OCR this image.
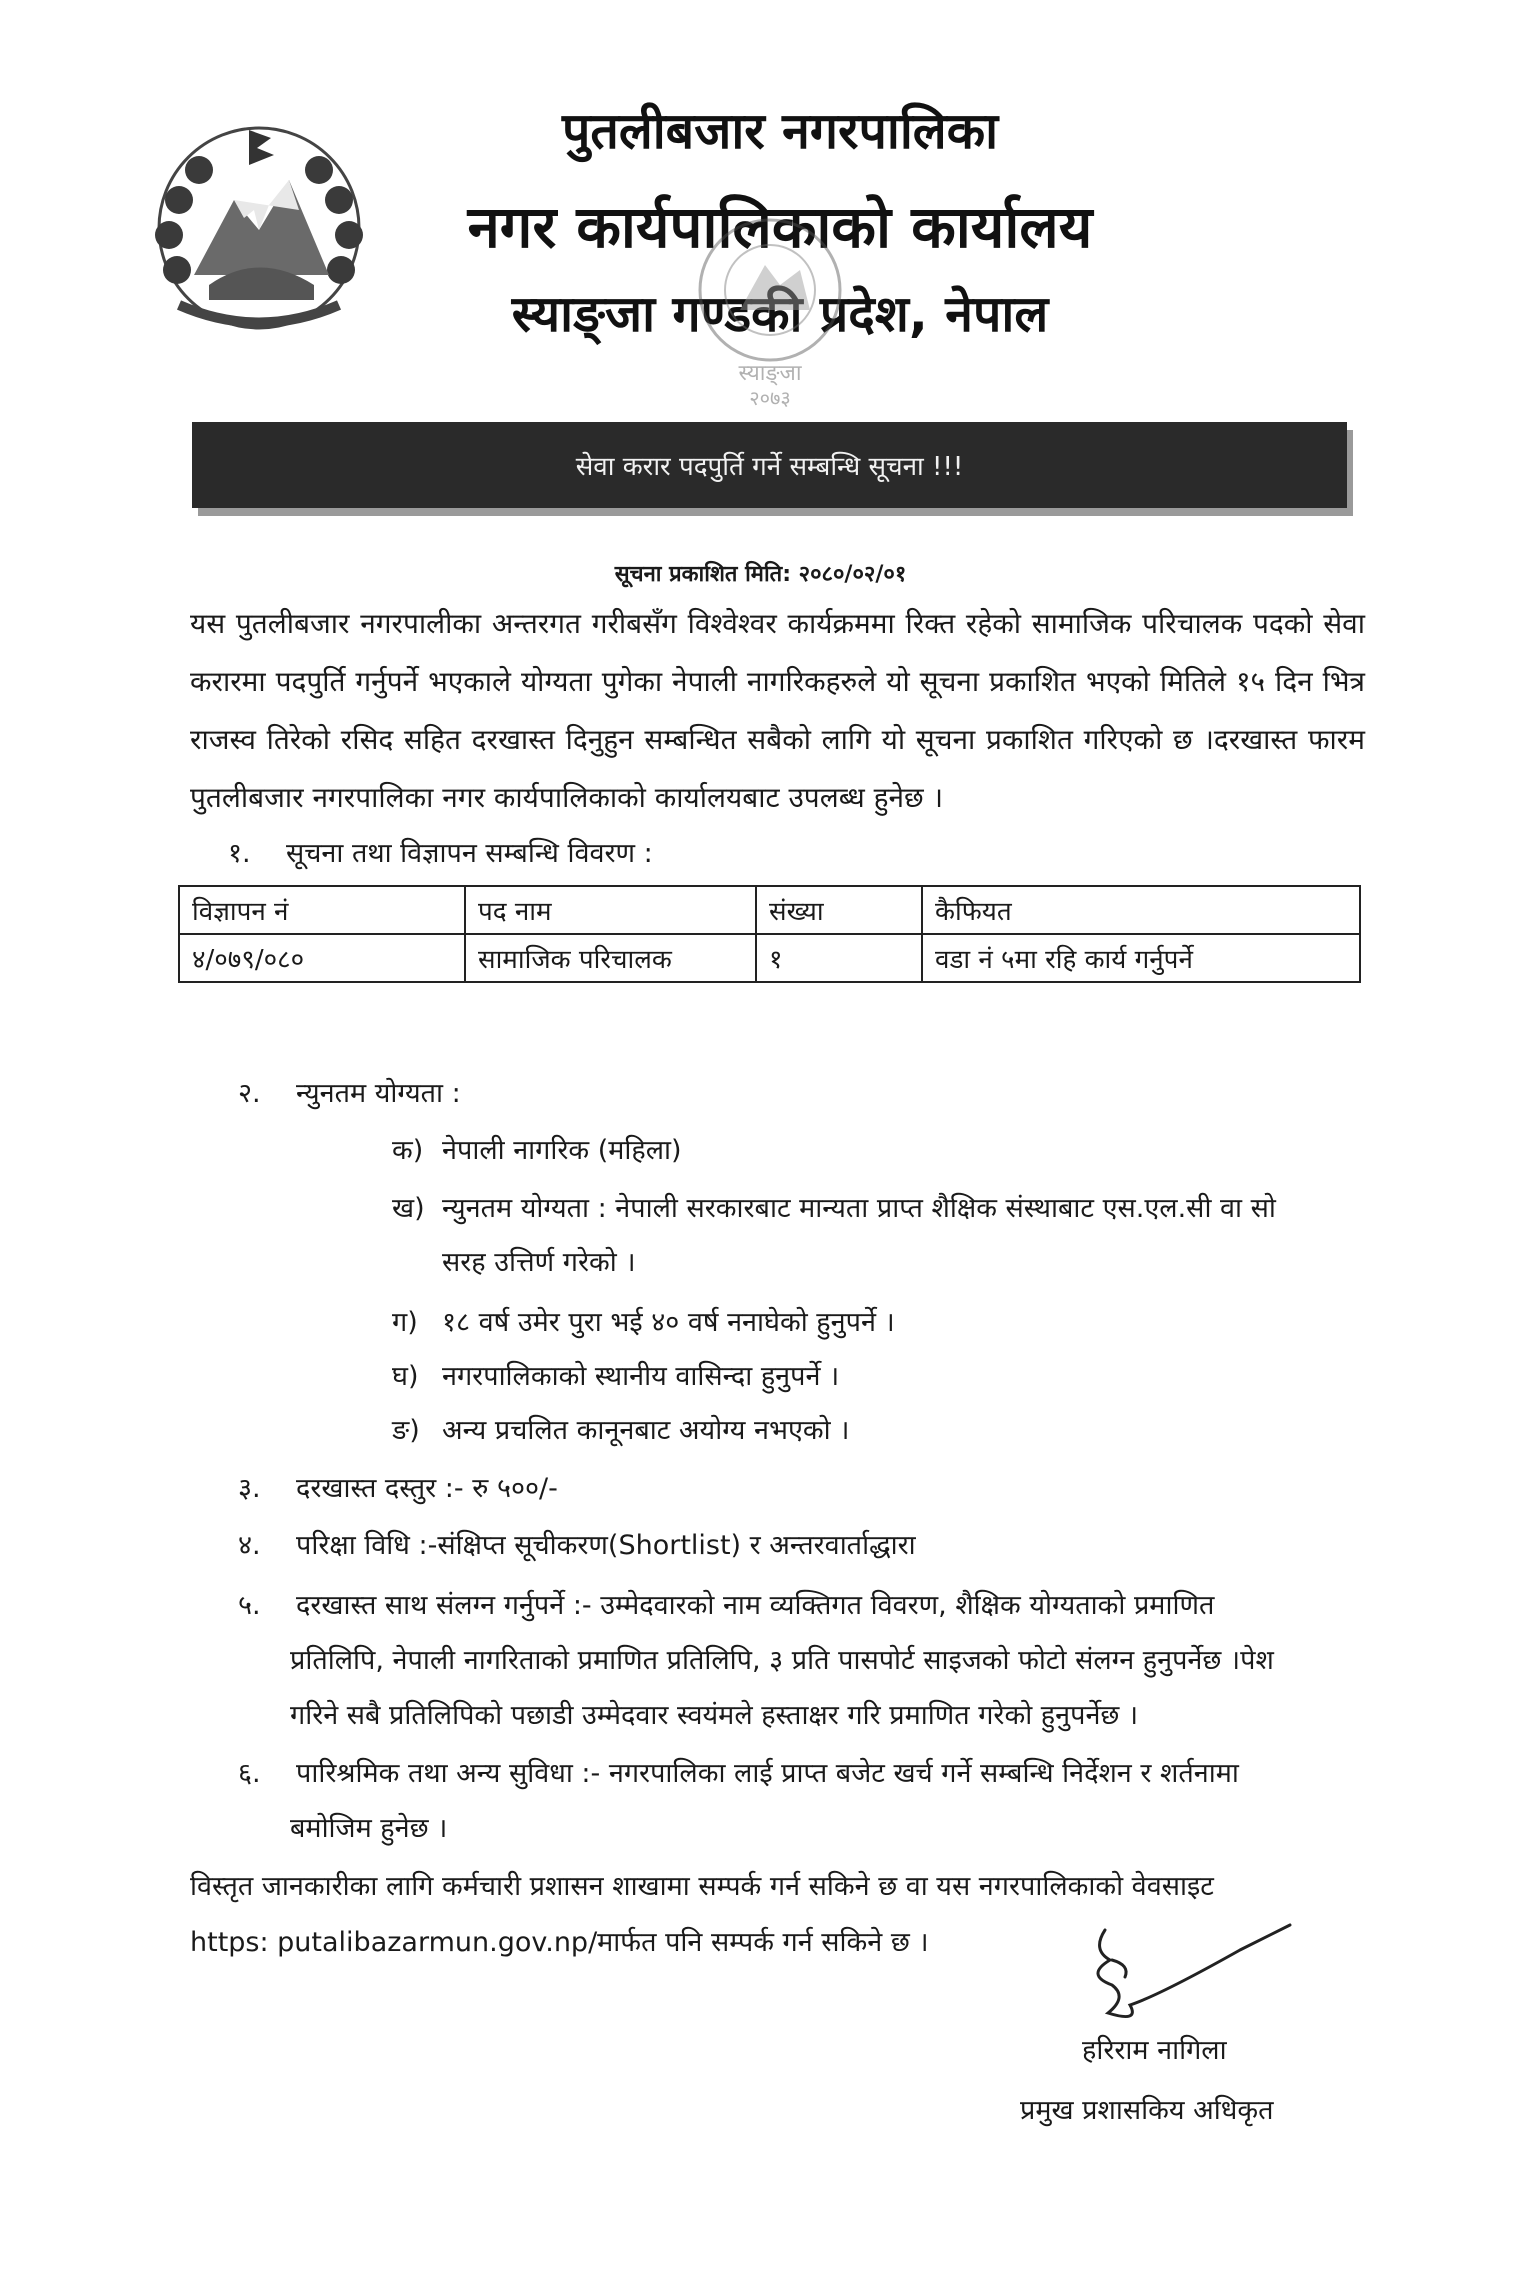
पुतलीबजार नगरपालिका
नगर कार्यपालिकाको कार्यालय
स्याङ्जा गण्डकी प्रदेश, नेपाल
स्याङ्जा
२०७३
सेवा करार पदपुर्ति गर्ने सम्बन्धि सूचना !!!
सूचना प्रकाशित मिति: २०८०/०२/०१
यस पुतलीबजार नगरपालीका अन्तरगत गरीबसँग विश्वेश्वर कार्यक्रममा रिक्त रहेको सामाजिक परिचालक पदको सेवा करारमा पदपुर्ति गर्नुपर्ने भएकाले योग्यता पुगेका नेपाली नागरिकहरुले यो सूचना प्रकाशित भएको मितिले १५ दिन भित्र राजस्व तिरेको रसिद सहित दरखास्त दिनुहुन सम्बन्धित सबैको लागि यो सूचना प्रकाशित गरिएको छ ।दरखास्त फारम पुतलीबजार नगरपालिका नगर कार्यपालिकाको कार्यालयबाट उपलब्ध हुनेछ ।
१. सूचना तथा विज्ञापन सम्बन्धि विवरण :
विज्ञापन नं	पद नाम	संख्या	कैफियत
४/०७९/०८०	सामाजिक परिचालक	१	वडा नं ५मा रहि कार्य गर्नुपर्ने
२. न्युनतम योग्यता :
क) नेपाली नागरिक (महिला)
ख) न्युनतम योग्यता : नेपाली सरकारबाट मान्यता प्राप्त शैक्षिक संस्थाबाट एस.एल.सी वा सो
सरह उत्तिर्ण गरेको ।
ग) १८ वर्ष उमेर पुरा भई ४० वर्ष ननाघेको हुनुपर्ने ।
घ) नगरपालिकाको स्थानीय वासिन्दा हुनुपर्ने ।
ङ) अन्य प्रचलित कानूनबाट अयोग्य नभएको ।
३. दरखास्त दस्तुर :- रु ५००/-
४. परिक्षा विधि :-संक्षिप्त सूचीकरण(Shortlist) र अन्तरवार्ताद्धारा
५. दरखास्त साथ संलग्न गर्नुपर्ने :- उम्मेदवारको नाम व्यक्तिगत विवरण, शैक्षिक योग्यताको प्रमाणित
प्रतिलिपि, नेपाली नागरिताको प्रमाणित प्रतिलिपि, ३ प्रति पासपोर्ट साइजको फोटो संलग्न हुनुपर्नेछ ।पेश
गरिने सबै प्रतिलिपिको पछाडी उम्मेदवार स्वयंमले हस्ताक्षर गरि प्रमाणित गरेको हुनुपर्नेछ ।
६. पारिश्रमिक तथा अन्य सुविधा :- नगरपालिका लाई प्राप्त बजेट खर्च गर्ने सम्बन्धि निर्देशन र शर्तनामा
बमोजिम हुनेछ ।
विस्तृत जानकारीका लागि कर्मचारी प्रशासन शाखामा सम्पर्क गर्न सकिने छ वा यस नगरपालिकाको वेवसाइट
https: putalibazarmun.gov.np/मार्फत पनि सम्पर्क गर्न सकिने छ ।
हरिराम नागिला
प्रमुख प्रशासकिय अधिकृत
